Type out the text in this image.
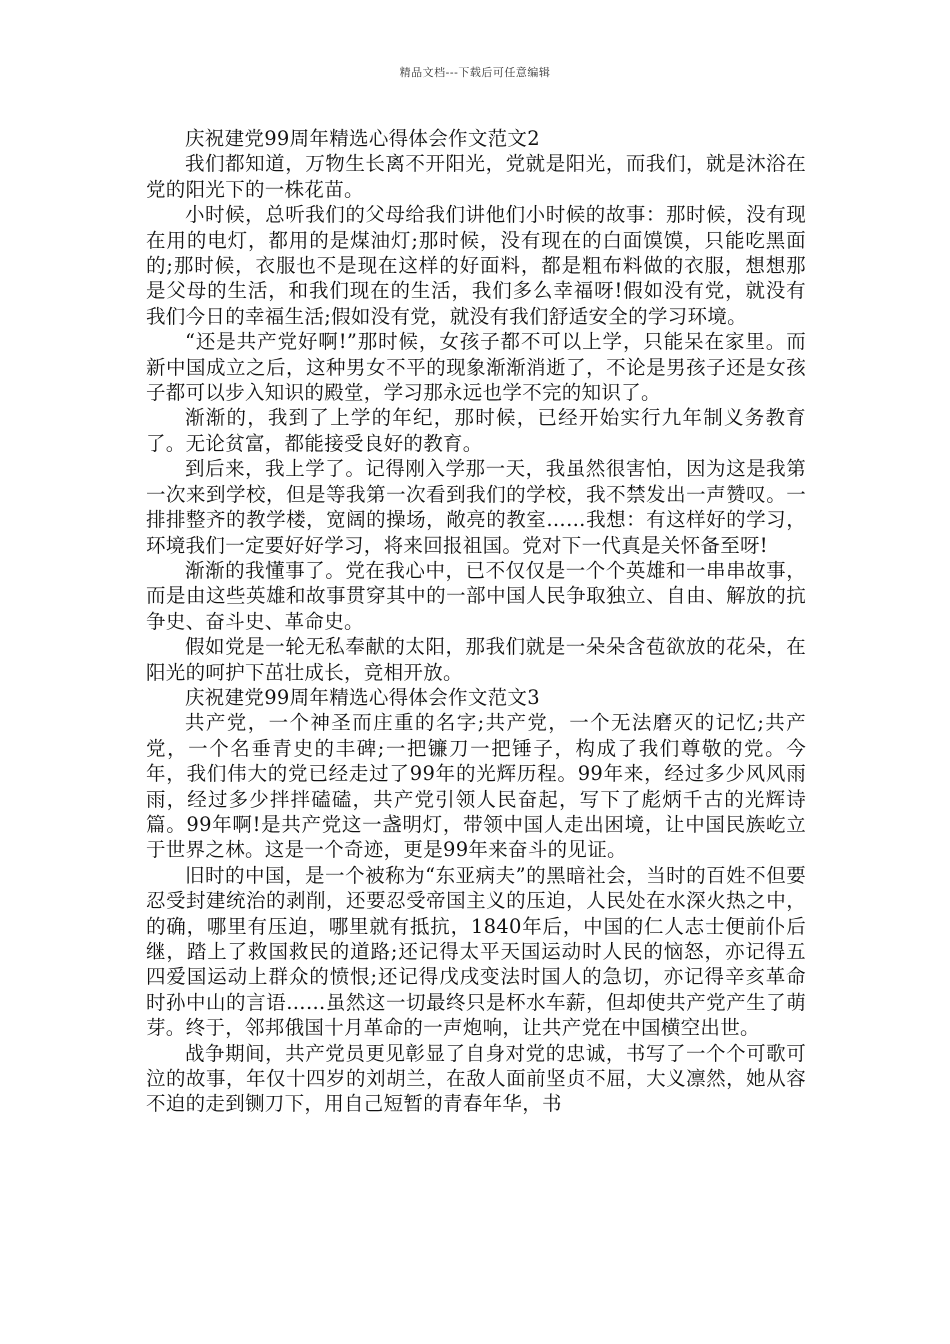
精品文档---下载后可任意编辑

庆祝建党99周年精选心得体会作文范文2

我们都知道，万物生长离不开阳光，党就是阳光，而我们，就是沐浴在党的阳光下的一株花苗。

小时候，总听我们的父母给我们讲他们小时候的故事：那时候，没有现在用的电灯，都用的是煤油灯;那时候，没有现在的白面馍馍，只能吃黑面的;那时候，衣服也不是现在这样的好面料，都是粗布料做的衣服，想想那是父母的生活，和我们现在的生活，我们多么幸福呀!假如没有党，就没有我们今日的幸福生活;假如没有党，就没有我们舒适安全的学习环境。

“还是共产党好啊!”那时候，女孩子都不可以上学，只能呆在家里。而新中国成立之后，这种男女不平的现象渐渐消逝了，不论是男孩子还是女孩子都可以步入知识的殿堂，学习那永远也学不完的知识了。

渐渐的，我到了上学的年纪，那时候，已经开始实行九年制义务教育了。无论贫富，都能接受良好的教育。

到后来，我上学了。记得刚入学那一天，我虽然很害怕，因为这是我第一次来到学校，但是等我第一次看到我们的学校，我不禁发出一声赞叹。一排排整齐的教学楼，宽阔的操场，敞亮的教室……我想：有这样好的学习，环境我们一定要好好学习，将来回报祖国。党对下一代真是关怀备至呀!

渐渐的我懂事了。党在我心中，已不仅仅是一个个英雄和一串串故事，而是由这些英雄和故事贯穿其中的一部中国人民争取独立、自由、解放的抗争史、奋斗史、革命史。

假如党是一轮无私奉献的太阳，那我们就是一朵朵含苞欲放的花朵，在阳光的呵护下茁壮成长，竞相开放。

庆祝建党99周年精选心得体会作文范文3

共产党，一个神圣而庄重的名字;共产党，一个无法磨灭的记忆;共产党，一个名垂青史的丰碑;一把镰刀一把锤子，构成了我们尊敬的党。今年，我们伟大的党已经走过了99年的光辉历程。99年来，经过多少风风雨雨，经过多少拌拌磕磕，共产党引领人民奋起，写下了彪炳千古的光辉诗篇。99年啊!是共产党这一盏明灯，带领中国人走出困境，让中国民族屹立于世界之林。这是一个奇迹，更是99年来奋斗的见证。

旧时的中国，是一个被称为“东亚病夫”的黑暗社会，当时的百姓不但要忍受封建统治的剥削，还要忍受帝国主义的压迫，人民处在水深火热之中，的确，哪里有压迫，哪里就有抵抗，1840年后，中国的仁人志士便前仆后继，踏上了救国救民的道路;还记得太平天国运动时人民的恼怒，亦记得五四爱国运动上群众的愤恨;还记得戊戌变法时国人的急切，亦记得辛亥革命时孙中山的言语……虽然这一切最终只是杯水车薪，但却使共产党产生了萌芽。终于，邻邦俄国十月革命的一声炮响，让共产党在中国横空出世。

战争期间，共产党员更见彰显了自身对党的忠诚，书写了一个个可歌可泣的故事，年仅十四岁的刘胡兰，在敌人面前坚贞不屈，大义凛然，她从容不迫的走到铡刀下，用自己短暂的青春年华，书
